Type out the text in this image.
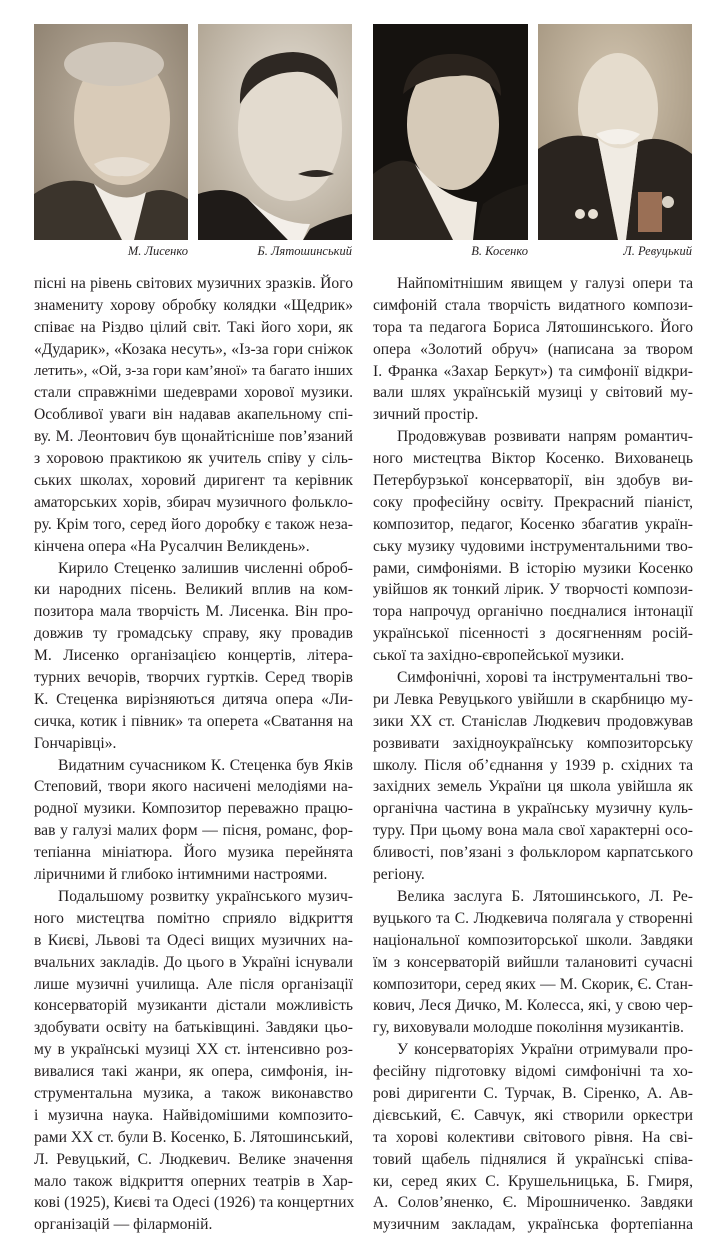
М. Лисенко	Б. Лятошинський	В. Косенко	Л. Ревуцький
пісні на рівень світових музичних зразків. Його
знамениту хорову обробку колядки «Щедрик»
співає на Різдво цілий світ. Такі його хори, як
«Дударик», «Козака несуть», «Із-за гори сніжок
летить», «Ой, з-за гори кам’яної» та багато інших
стали справжніми шедеврами хорової музики.
Особливої уваги він надавав акапельному спі-
ву. М. Леонтович був щонайтісніше пов’язаний
з хоровою практикою як учитель співу у сіль-
ських школах, хоровий диригент та керівник
аматорських хорів, збирач музичного фолькло-
ру. Крім того, серед його доробку є також неза-
кінчена опера «На Русалчин Великдень».
Кирило Стеценко залишив численні оброб-
ки народних пісень. Великий вплив на ком-
позитора мала творчість М. Лисенка. Він про-
довжив ту громадську справу, яку провадив
М. Лисенко організацією концертів, літера-
турних вечорів, творчих гуртків. Серед творів
К. Стеценка вирізняються дитяча опера «Ли-
сичка, котик і півник» та оперета «Сватання на
Гончарівці».
Видатним сучасником К. Стеценка був Яків
Степовий, твори якого насичені мелодіями на-
родної музики. Композитор переважно працю-
вав у галузі малих форм — пісня, романс, фор-
тепіанна мініатюра. Його музика перейнята
ліричними й глибоко інтимними настроями.
Подальшому розвитку українського музич-
ного мистецтва помітно сприяло відкриття
в Києві, Львові та Одесі вищих музичних на-
вчальних закладів. До цього в Україні існували
лише музичні училища. Але після організації
консерваторій музиканти дістали можливість
здобувати освіту на батьківщині. Завдяки цьо-
му в українські музиці XX ст. інтенсивно роз-
вивалися такі жанри, як опера, симфонія, ін-
струментальна музика, а також виконавство
і музична наука. Найвідомішими композито-
рами XX ст. були В. Косенко, Б. Лятошинський,
Л. Ревуцький, С. Людкевич. Велике значення
мало також відкриття оперних театрів в Хар-
кові (1925), Києві та Одесі (1926) та концертних
організацій — філармоній.
Найпомітнішим явищем у галузі опери та
симфоній стала творчість видатного компози-
тора та педагога Бориса Лятошинського. Його
опера «Золотий обруч» (написана за твором
І. Франка «Захар Беркут») та симфонії відкри-
вали шлях українській музиці у світовий му-
зичний простір.
Продовжував розвивати напрям романтич-
ного мистецтва Віктор Косенко. Вихованець
Петербурзької консерваторії, він здобув ви-
соку професійну освіту. Прекрасний піаніст,
композитор, педагог, Косенко збагатив україн-
ську музику чудовими інструментальними тво-
рами, симфоніями. В історію музики Косенко
увійшов як тонкий лірик. У творчості компози-
тора напрочуд органічно поєдналися інтонації
української пісенності з досягненням росій-
ської та західно-європейської музики.
Симфонічні, хорові та інструментальні тво-
ри Левка Ревуцького увійшли в скарбницю му-
зики XX ст. Станіслав Людкевич продовжував
розвивати західноукраїнську композиторську
школу. Після об’єднання у 1939 р. східних та
західних земель України ця школа увійшла як
органічна частина в українську музичну куль-
туру. При цьому вона мала свої характерні осо-
бливості, пов’язані з фольклором карпатського
регіону.
Велика заслуга Б. Лятошинського, Л. Ре-
вуцького та С. Людкевича полягала у створенні
національної композиторської школи. Завдяки
їм з консерваторій вийшли талановиті сучасні
композитори, серед яких — М. Скорик, Є. Стан-
кович, Леся Дичко, М. Колесса, які, у свою чер-
гу, виховували молодше покоління музикантів.
У консерваторіях України отримували про-
фесійну підготовку відомі симфонічні та хо-
рові диригенти С. Турчак, В. Сіренко, А. Ав-
дієвський, Є. Савчук, які створили оркестри
та хорові колективи світового рівня. На сві-
товий щабель піднялися й українські співа-
ки, серед яких С. Крушельницька, Б. Гмиря,
А. Солов’яненко, Є. Мірошниченко. Завдяки
музичним закладам, українська фортепіанна
